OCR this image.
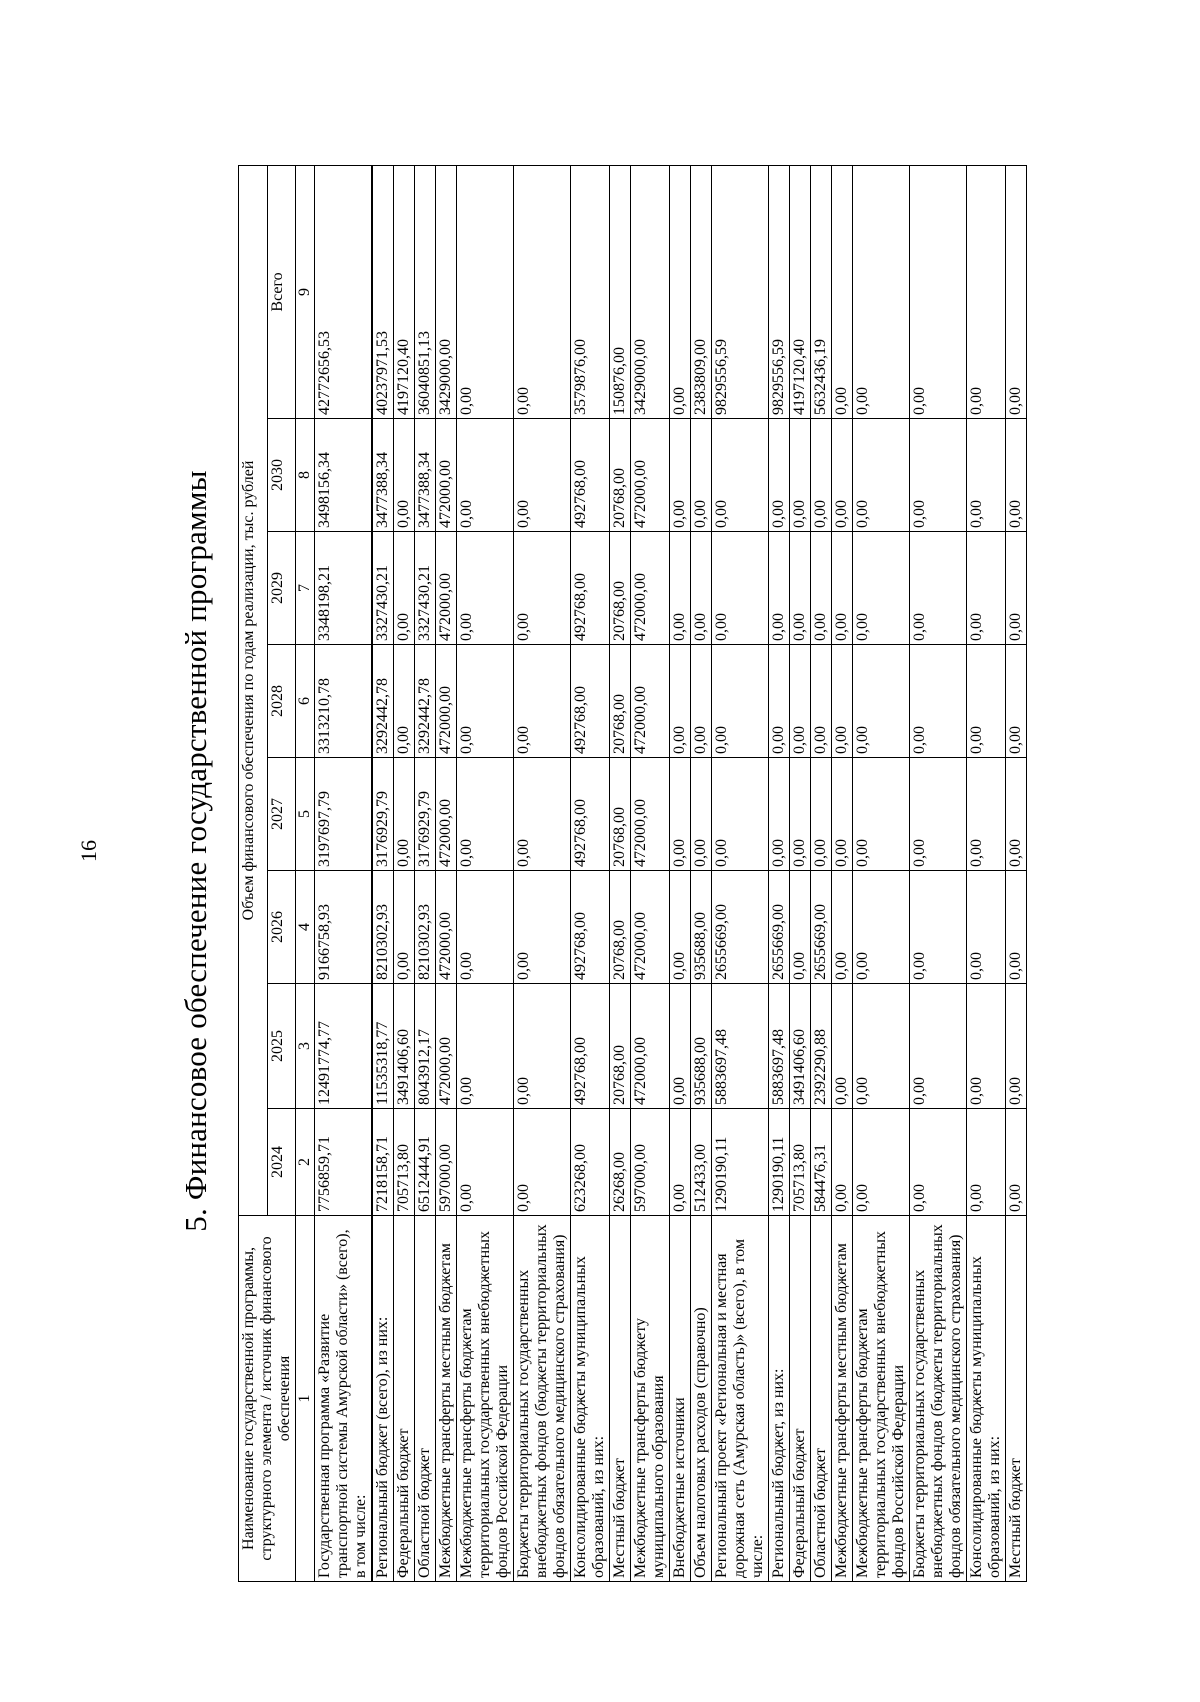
16 5. Финансовое обеспечение государственной программы
Наименование государственной программы, структурного элемента / источник финансового обеспечения	Объем финансового обеспечения по годам реализации, тыс. рублей							
	2024	2025	2026	2027	2028	2029	2030	Всего
1	2	3	4	5	6	7	8	9
Государственная программа «Развитие транспортной системы Амурской области» (всего), в том числе:	7756859,71	12491774,77	9166758,93	3197697,79	3313210,78	3348198,21	3498156,34	42772656,53
Региональный бюджет (всего), из них:	7218158,71	11535318,77	8210302,93	3176929,79	3292442,78	3327430,21	3477388,34	40237971,53
Федеральный бюджет	705713,80	3491406,60	0,00	0,00	0,00	0,00	0,00	4197120,40
Областной бюджет	6512444,91	8043912,17	8210302,93	3176929,79	3292442,78	3327430,21	3477388,34	36040851,13
Межбюджетные трансферты местным бюджетам	597000,00	472000,00	472000,00	472000,00	472000,00	472000,00	472000,00	3429000,00
Межбюджетные трансферты бюджетам территориальных государственных внебюджетных фондов Российской Федерации	0,00	0,00	0,00	0,00	0,00	0,00	0,00	0,00
Бюджеты территориальных государственных внебюджетных фондов (бюджеты территориальных фондов обязательного медицинского страхования)	0,00	0,00	0,00	0,00	0,00	0,00	0,00	0,00
Консолидированные бюджеты муниципальных образований, из них:	623268,00	492768,00	492768,00	492768,00	492768,00	492768,00	492768,00	3579876,00
Местный бюджет	26268,00	20768,00	20768,00	20768,00	20768,00	20768,00	20768,00	150876,00
Межбюджетные трансферты бюджету муниципального образования	597000,00	472000,00	472000,00	472000,00	472000,00	472000,00	472000,00	3429000,00
Внебюджетные источники	0,00	0,00	0,00	0,00	0,00	0,00	0,00	0,00
Объем налоговых расходов (справочно)	512433,00	935688,00	935688,00	0,00	0,00	0,00	0,00	2383809,00
Региональный проект «Региональная и местная дорожная сеть (Амурская область)» (всего), в том числе:	1290190,11	5883697,48	2655669,00	0,00	0,00	0,00	0,00	9829556,59
Региональный бюджет, из них:	1290190,11	5883697,48	2655669,00	0,00	0,00	0,00	0,00	9829556,59
Федеральный бюджет	705713,80	3491406,60	0,00	0,00	0,00	0,00	0,00	4197120,40
Областной бюджет	584476,31	2392290,88	2655669,00	0,00	0,00	0,00	0,00	5632436,19
Межбюджетные трансферты местным бюджетам	0,00	0,00	0,00	0,00	0,00	0,00	0,00	0,00
Межбюджетные трансферты бюджетам территориальных государственных внебюджетных фондов Российской Федерации	0,00	0,00	0,00	0,00	0,00	0,00	0,00	0,00
Бюджеты территориальных государственных внебюджетных фондов (бюджеты территориальных фондов обязательного медицинского страхования)	0,00	0,00	0,00	0,00	0,00	0,00	0,00	0,00
Консолидированные бюджеты муниципальных образований, из них:	0,00	0,00	0,00	0,00	0,00	0,00	0,00	0,00
Местный бюджет	0,00	0,00	0,00	0,00	0,00	0,00	0,00	0,00
